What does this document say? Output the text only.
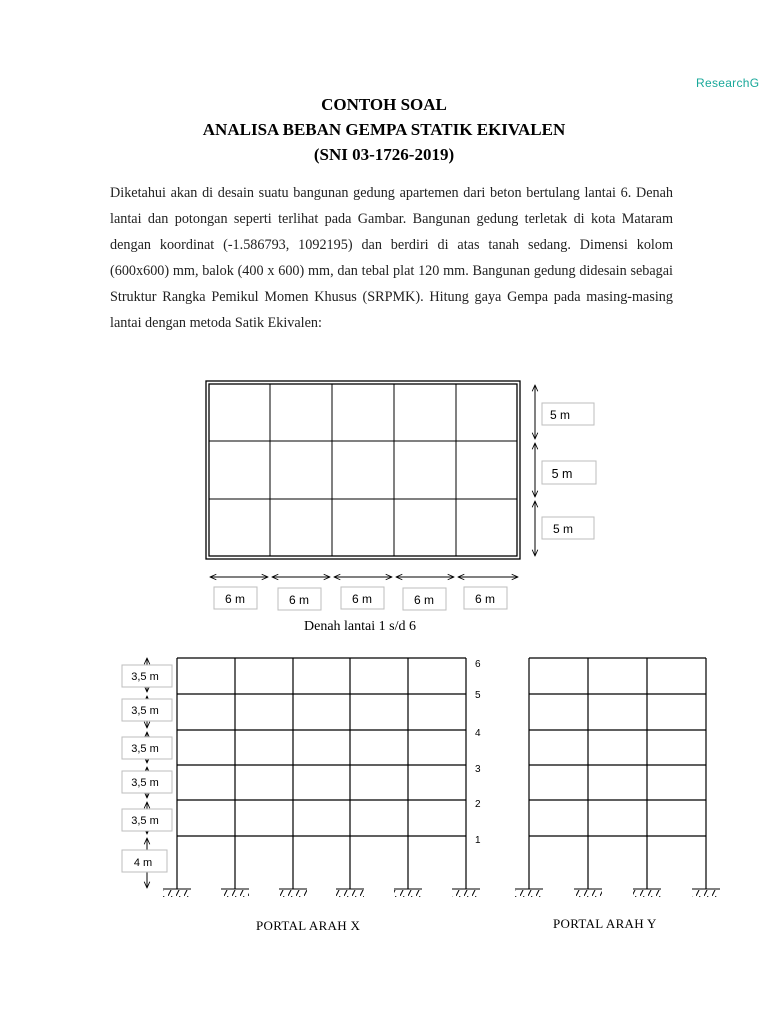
ResearchG
CONTOH SOAL
ANALISA BEBAN GEMPA STATIK EKIVALEN
(SNI 03-1726-2019)
Diketahui akan di desain suatu bangunan gedung apartemen dari beton bertulang lantai 6. Denah lantai dan potongan seperti terlihat pada Gambar. Bangunan gedung terletak di kota Mataram dengan koordinat (-1.586793, 1092195) dan berdiri di atas tanah sedang. Dimensi kolom (600x600) mm, balok (400 x 600) mm, dan tebal plat 120 mm. Bangunan gedung didesain sebagai Struktur Rangka Pemikul Momen Khusus (SRPMK). Hitung gaya Gempa pada masing-masing lantai dengan metoda Satik Ekivalen:
6 m	6 m	6 m	6 m	6 m
5 m
5 m
5 m
3,5 m
3,5 m
3,5 m
3,5 m
3,5 m
4 m
6
5
4
3
2
1
Denah lantai 1 s/d 6
PORTAL ARAH X	PORTAL ARAH Y
